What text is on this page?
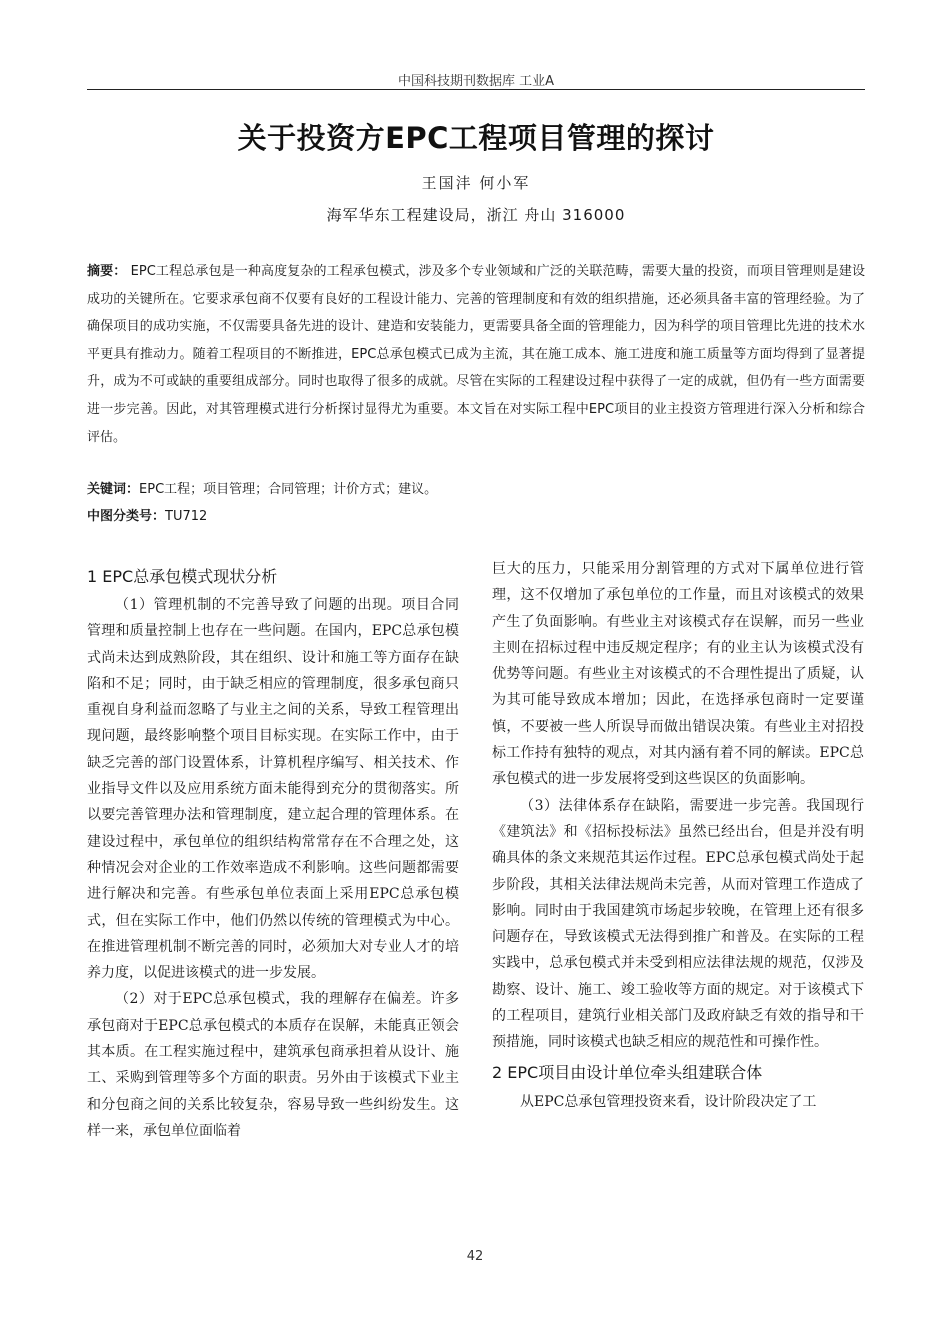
中国科技期刊数据库 工业A
关于投资方EPC工程项目管理的探讨
王国沣 何小军
海军华东工程建设局，浙江 舟山 316000

摘要： EPC工程总承包是一种高度复杂的工程承包模式，涉及多个专业领域和广泛的关联范畴，需要大量的投资，而项目管理则是建设成功的关键所在。它要求承包商不仅要有良好的工程设计能力、完善的管理制度和有效的组织措施，还必须具备丰富的管理经验。为了确保项目的成功实施，不仅需要具备先进的设计、建造和安装能力，更需要具备全面的管理能力，因为科学的项目管理比先进的技术水平更具有推动力。随着工程项目的不断推进，EPC总承包模式已成为主流，其在施工成本、施工进度和施工质量等方面均得到了显著提升，成为不可或缺的重要组成部分。同时也取得了很多的成就。尽管在实际的工程建设过程中获得了一定的成就，但仍有一些方面需要进一步完善。因此，对其管理模式进行分析探讨显得尤为重要。本文旨在对实际工程中EPC项目的业主投资方管理进行深入分析和综合评估。

关键词：EPC工程；项目管理；合同管理；计价方式；建议。
中图分类号：TU712
1 EPC总承包模式现状分析

（1）管理机制的不完善导致了问题的出现。项目合同管理和质量控制上也存在一些问题。在国内，EPC总承包模式尚未达到成熟阶段，其在组织、设计和施工等方面存在缺陷和不足；同时，由于缺乏相应的管理制度，很多承包商只重视自身利益而忽略了与业主之间的关系，导致工程管理出现问题，最终影响整个项目目标实现。在实际工作中，由于缺乏完善的部门设置体系，计算机程序编写、相关技术、作业指导文件以及应用系统方面未能得到充分的贯彻落实。所以要完善管理办法和管理制度，建立起合理的管理体系。在建设过程中，承包单位的组织结构常常存在不合理之处，这种情况会对企业的工作效率造成不利影响。这些问题都需要进行解决和完善。有些承包单位表面上采用EPC总承包模式，但在实际工作中，他们仍然以传统的管理模式为中心。在推进管理机制不断完善的同时，必须加大对专业人才的培养力度，以促进该模式的进一步发展。

（2）对于EPC总承包模式，我的理解存在偏差。许多承包商对于EPC总承包模式的本质存在误解，未能真正领会其本质。在工程实施过程中，建筑承包商承担着从设计、施工、采购到管理等多个方面的职责。另外由于该模式下业主和分包商之间的关系比较复杂，容易导致一些纠纷发生。这样一来，承包单位面临着

巨大的压力，只能采用分割管理的方式对下属单位进行管理，这不仅增加了承包单位的工作量，而且对该模式的效果产生了负面影响。有些业主对该模式存在误解，而另一些业主则在招标过程中违反规定程序；有的业主认为该模式没有优势等问题。有些业主对该模式的不合理性提出了质疑，认为其可能导致成本增加；因此，在选择承包商时一定要谨慎，不要被一些人所误导而做出错误决策。有些业主对招投标工作持有独特的观点，对其内涵有着不同的解读。EPC总承包模式的进一步发展将受到这些误区的负面影响。

（3）法律体系存在缺陷，需要进一步完善。我国现行《建筑法》和《招标投标法》虽然已经出台，但是并没有明确具体的条文来规范其运作过程。EPC总承包模式尚处于起步阶段，其相关法律法规尚未完善，从而对管理工作造成了影响。同时由于我国建筑市场起步较晚，在管理上还有很多问题存在，导致该模式无法得到推广和普及。在实际的工程实践中，总承包模式并未受到相应法律法规的规范，仅涉及勘察、设计、施工、竣工验收等方面的规定。对于该模式下的工程项目，建筑行业相关部门及政府缺乏有效的指导和干预措施，同时该模式也缺乏相应的规范性和可操作性。

2 EPC项目由设计单位牵头组建联合体

从EPC总承包管理投资来看，设计阶段决定了工

42
